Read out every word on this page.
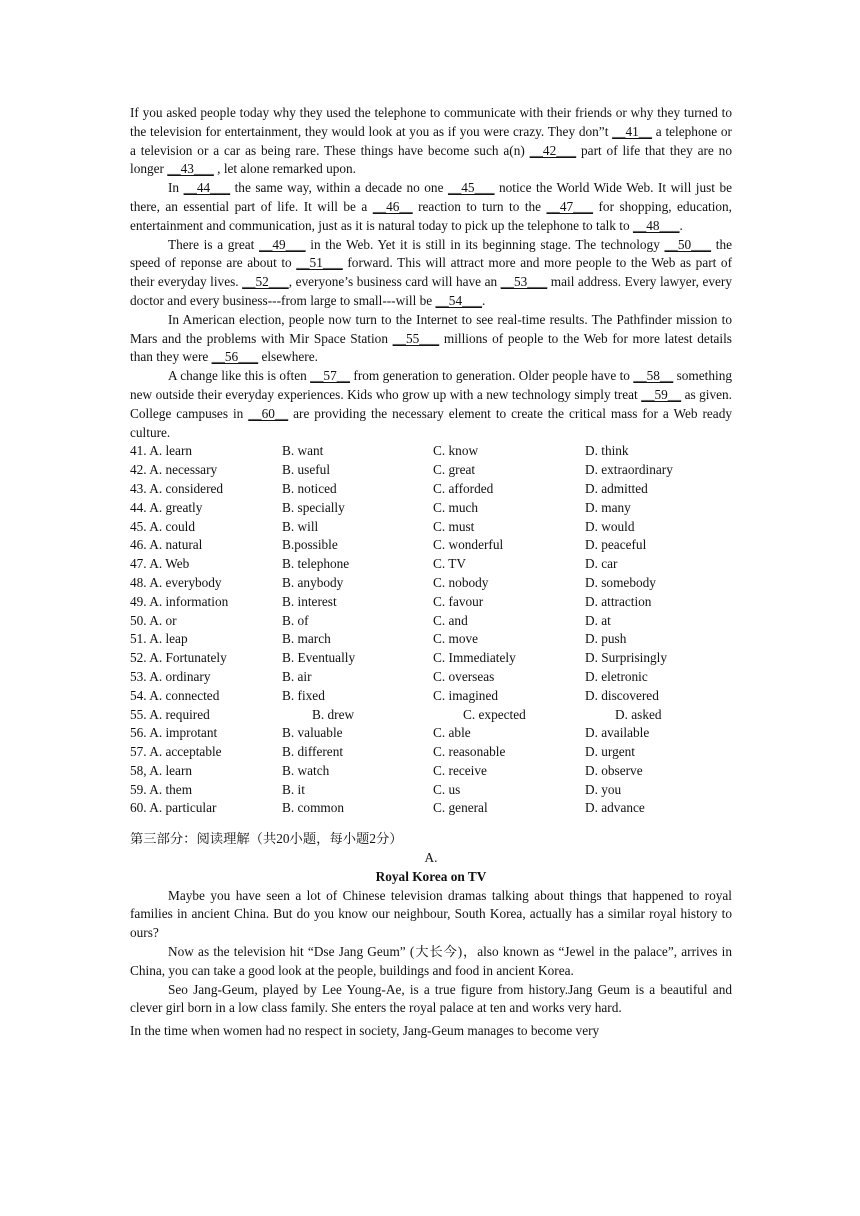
If you asked people today why they used the telephone to communicate with their friends or why they turned to the television for entertainment, they would look at you as if you were crazy. They don”t __41__ a telephone or a television or a car as being rare. These things have become such a(n) __42___ part of life that they are no longer __43___ , let alone remarked upon.

In __44___ the same way, within a decade no one __45___ notice the World Wide Web. It will just be there, an essential part of life. It will be a __46__ reaction to turn to the __47___ for shopping, education, entertainment and communication, just as it is natural today to pick up the telephone to talk to __48___.

There is a great __49___ in the Web. Yet it is still in its beginning stage. The technology __50___ the speed of reponse are about to __51___ forward. This will attract more and more people to the Web as part of their everyday lives. __52___, everyone’s business card will have an __53___ mail address. Every lawyer, every doctor and every business---from large to small---will be __54___.

In American election, people now turn to the Internet to see real-time results. The Pathfinder mission to Mars and the problems with Mir Space Station __55___ millions of people to the Web for more latest details than they were __56___ elsewhere.

A change like this is often __57__ from generation to generation. Older people have to __58__ something new outside their everyday experiences. Kids who grow up with a new technology simply treat __59__ as given. College campuses in __60__ are providing the necessary element to create the critical mass for a Web ready culture.

41. A. learn	B. want	C. know	D. think
42. A. necessary	B. useful	C. great	D. extraordinary
43. A. considered	B. noticed	C. afforded	D. admitted
44. A. greatly	B. specially	C. much	D. many
45. A. could	B. will	C. must	D. would
46. A. natural	B.possible	C. wonderful	D. peaceful
47. A. Web	B. telephone	C. TV	D. car
48. A. everybody	B. anybody	C. nobody	D. somebody
49. A. information	B. interest	C. favour	D. attraction
50. A. or	B. of	C. and	D. at
51. A. leap	B. march	C. move	D. push
52. A. Fortunately	B. Eventually	C. Immediately	D. Surprisingly
53. A. ordinary	B. air	C. overseas	D. eletronic
54. A. connected	B. fixed	C. imagined	D. discovered
55. A. required	B. drew	C. expected	D. asked
56. A. improtant	B. valuable	C. able	D. available
57. A. acceptable	B. different	C. reasonable	D. urgent
58, A. learn	B. watch	C. receive	D. observe
59. A. them	B. it	C. us	D. you
60. A. particular	B. common	C. general	D. advance
第三部分：阅读理解（共20小题，每小题2分）
A.
Royal Korea on TV

Maybe you have seen a lot of Chinese television dramas talking about things that happened to royal families in ancient China. But do you know our neighbour, South Korea, actually has a similar royal history to ours?

Now as the television hit “Dse Jang Geum” (大长今)，also known as “Jewel in the palace”, arrives in China, you can take a good look at the people, buildings and food in ancient Korea.

Seo Jang-Geum, played by Lee Young-Ae, is a true figure from history.Jang Geum is a beautiful and clever girl born in a low class family. She enters the royal palace at ten and works very hard.

In the time when women had no respect in society, Jang-Geum manages to become very
